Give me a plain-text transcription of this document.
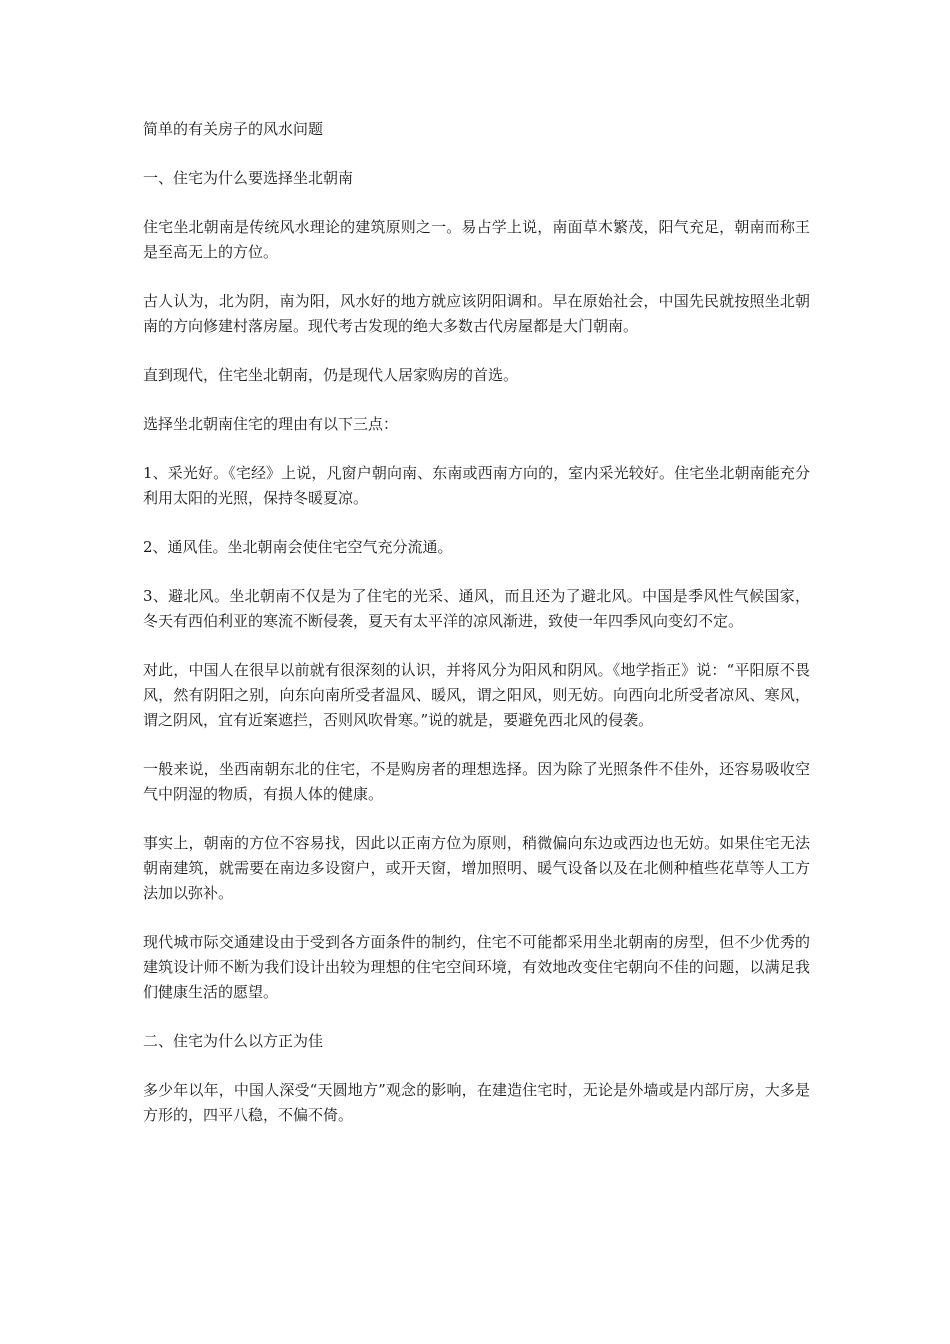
简单的有关房子的风水问题

一、住宅为什么要选择坐北朝南

住宅坐北朝南是传统风水理论的建筑原则之一。易占学上说，南面草木繁茂，阳气充足，朝南而称王是至高无上的方位。

古人认为，北为阴，南为阳，风水好的地方就应该阴阳调和。早在原始社会，中国先民就按照坐北朝南的方向修建村落房屋。现代考古发现的绝大多数古代房屋都是大门朝南。

直到现代，住宅坐北朝南，仍是现代人居家购房的首选。

选择坐北朝南住宅的理由有以下三点：

1、采光好。《宅经》上说，凡窗户朝向南、东南或西南方向的，室内采光较好。住宅坐北朝南能充分利用太阳的光照，保持冬暖夏凉。

2、通风佳。坐北朝南会使住宅空气充分流通。

3、避北风。坐北朝南不仅是为了住宅的光采、通风，而且还为了避北风。中国是季风性气候国家，冬天有西伯利亚的寒流不断侵袭，夏天有太平洋的凉风渐进，致使一年四季风向变幻不定。

对此，中国人在很早以前就有很深刻的认识，并将风分为阳风和阴风。《地学指正》说：“平阳原不畏风，然有阴阳之别，向东向南所受者温风、暖风，谓之阳风，则无妨。向西向北所受者凉风、寒风，谓之阴风，宜有近案遮拦，否则风吹骨寒。”说的就是，要避免西北风的侵袭。

一般来说，坐西南朝东北的住宅，不是购房者的理想选择。因为除了光照条件不佳外，还容易吸收空气中阴湿的物质，有损人体的健康。

事实上，朝南的方位不容易找，因此以正南方位为原则，稍微偏向东边或西边也无妨。如果住宅无法朝南建筑，就需要在南边多设窗户，或开天窗，增加照明、暖气设备以及在北侧种植些花草等人工方法加以弥补。

现代城市际交通建设由于受到各方面条件的制约，住宅不可能都采用坐北朝南的房型，但不少优秀的建筑设计师不断为我们设计出较为理想的住宅空间环境，有效地改变住宅朝向不佳的问题，以满足我们健康生活的愿望。

二、住宅为什么以方正为佳

多少年以年，中国人深受“天圆地方”观念的影响，在建造住宅时，无论是外墙或是内部厅房，大多是方形的，四平八稳，不偏不倚。
